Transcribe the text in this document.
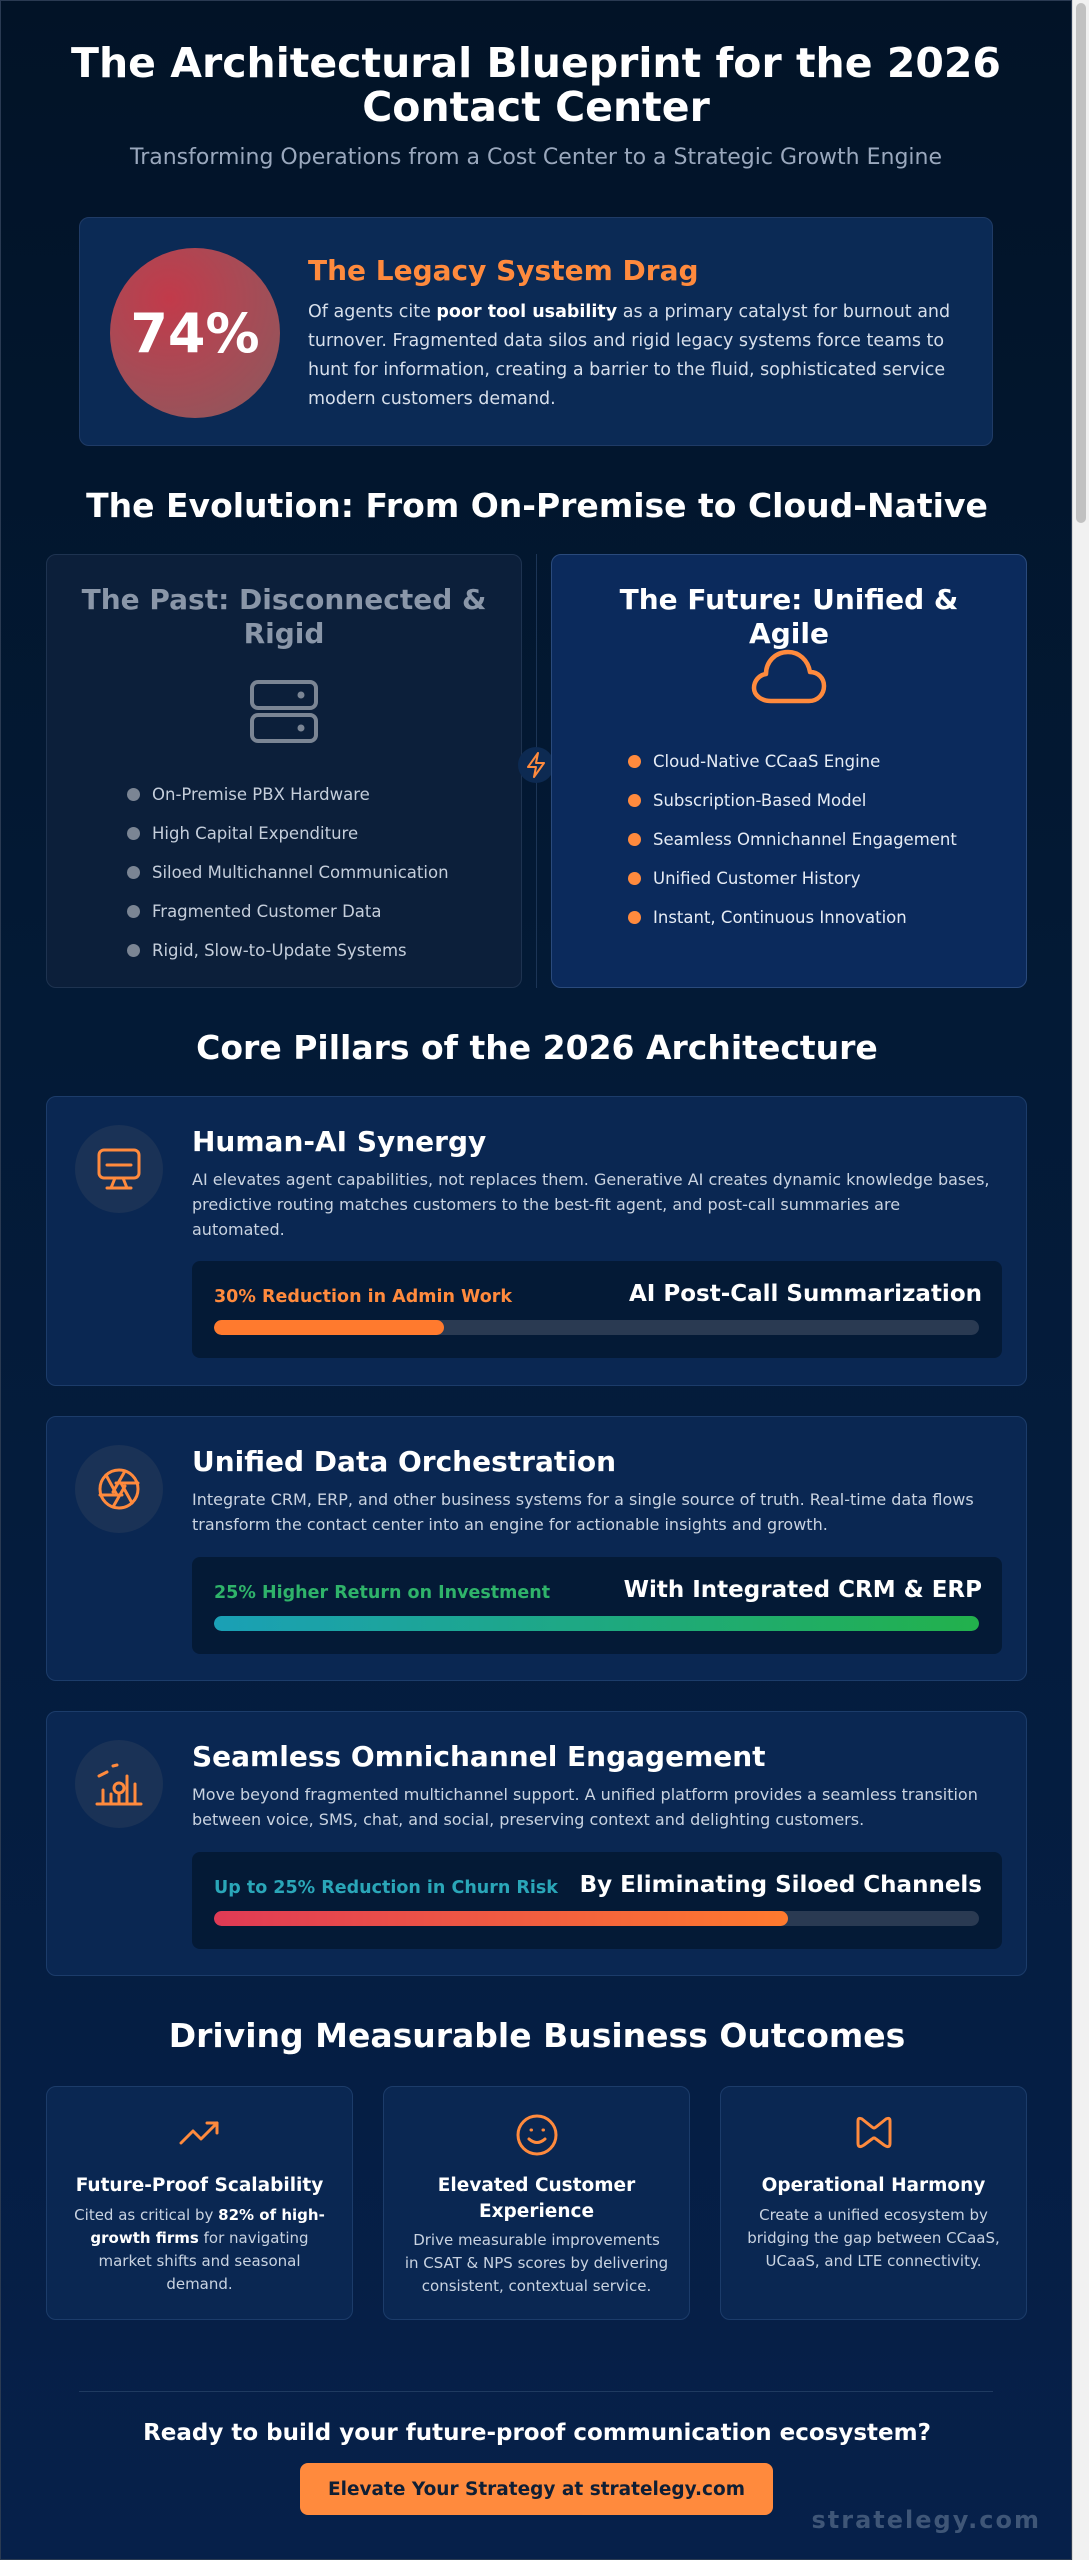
The Architectural Blueprint for the 2026 Contact Center
Transforming Operations from a Cost Center to a Strategic Growth Engine
74%
The Legacy System Drag

Of agents cite poor tool usability as a primary catalyst for burnout and turnover. Fragmented data silos and rigid legacy systems force teams to hunt for information, creating a barrier to the fluid, sophisticated service modern customers demand.

The Evolution: From On-Premise to Cloud-Native
The Past: Disconnected & Rigid
On-Premise PBX Hardware
High Capital Expenditure
Siloed Multichannel Communication
Fragmented Customer Data
Rigid, Slow-to-Update Systems
The Future: Unified & Agile
Cloud-Native CCaaS Engine
Subscription-Based Model
Seamless Omnichannel Engagement
Unified Customer History
Instant, Continuous Innovation
Core Pillars of the 2026 Architecture
Human-AI Synergy

AI elevates agent capabilities, not replaces them. Generative AI creates dynamic knowledge bases, predictive routing matches customers to the best-fit agent, and post-call summaries are automated.

30% Reduction in Admin Work	AI Post-Call Summarization
Unified Data Orchestration

Integrate CRM, ERP, and other business systems for a single source of truth. Real-time data flows transform the contact center into an engine for actionable insights and growth.

25% Higher Return on Investment	With Integrated CRM & ERP
Seamless Omnichannel Engagement

Move beyond fragmented multichannel support. A unified platform provides a seamless transition between voice, SMS, chat, and social, preserving context and delighting customers.

Up to 25% Reduction in Churn Risk By Eliminating Siloed Channels
Driving Measurable Business Outcomes
Future-Proof Scalability

Cited as critical by 82% of high-growth firms for navigating market shifts and seasonal demand.

Elevated Customer Experience

Drive measurable improvements in CSAT & NPS scores by delivering consistent, contextual service.

Operational Harmony

Create a unified ecosystem by bridging the gap between CCaaS, UCaaS, and LTE connectivity.

Ready to build your future-proof communication ecosystem?
Elevate Your Strategy at stratelegy.com
stratelegy.com
